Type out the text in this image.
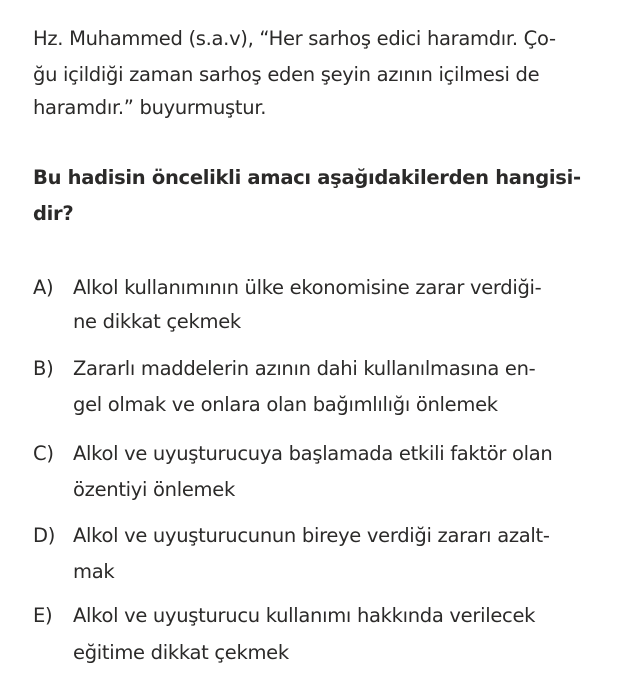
Hz. Muhammed (s.a.v), “Her sarhoş edici haramdır. Ço-
ğu içildiği zaman sarhoş eden şeyin azının içilmesi de
haramdır.” buyurmuştur.
Bu hadisin öncelikli amacı aşağıdakilerden hangisi-
dir?
A) Alkol kullanımının ülke ekonomisine zarar verdiği-
ne dikkat çekmek
B) Zararlı maddelerin azının dahi kullanılmasına en-
gel olmak ve onlara olan bağımlılığı önlemek
C) Alkol ve uyuşturucuya başlamada etkili faktör olan
özentiyi önlemek
D) Alkol ve uyuşturucunun bireye verdiği zararı azalt-
mak
E) Alkol ve uyuşturucu kullanımı hakkında verilecek
eğitime dikkat çekmek
